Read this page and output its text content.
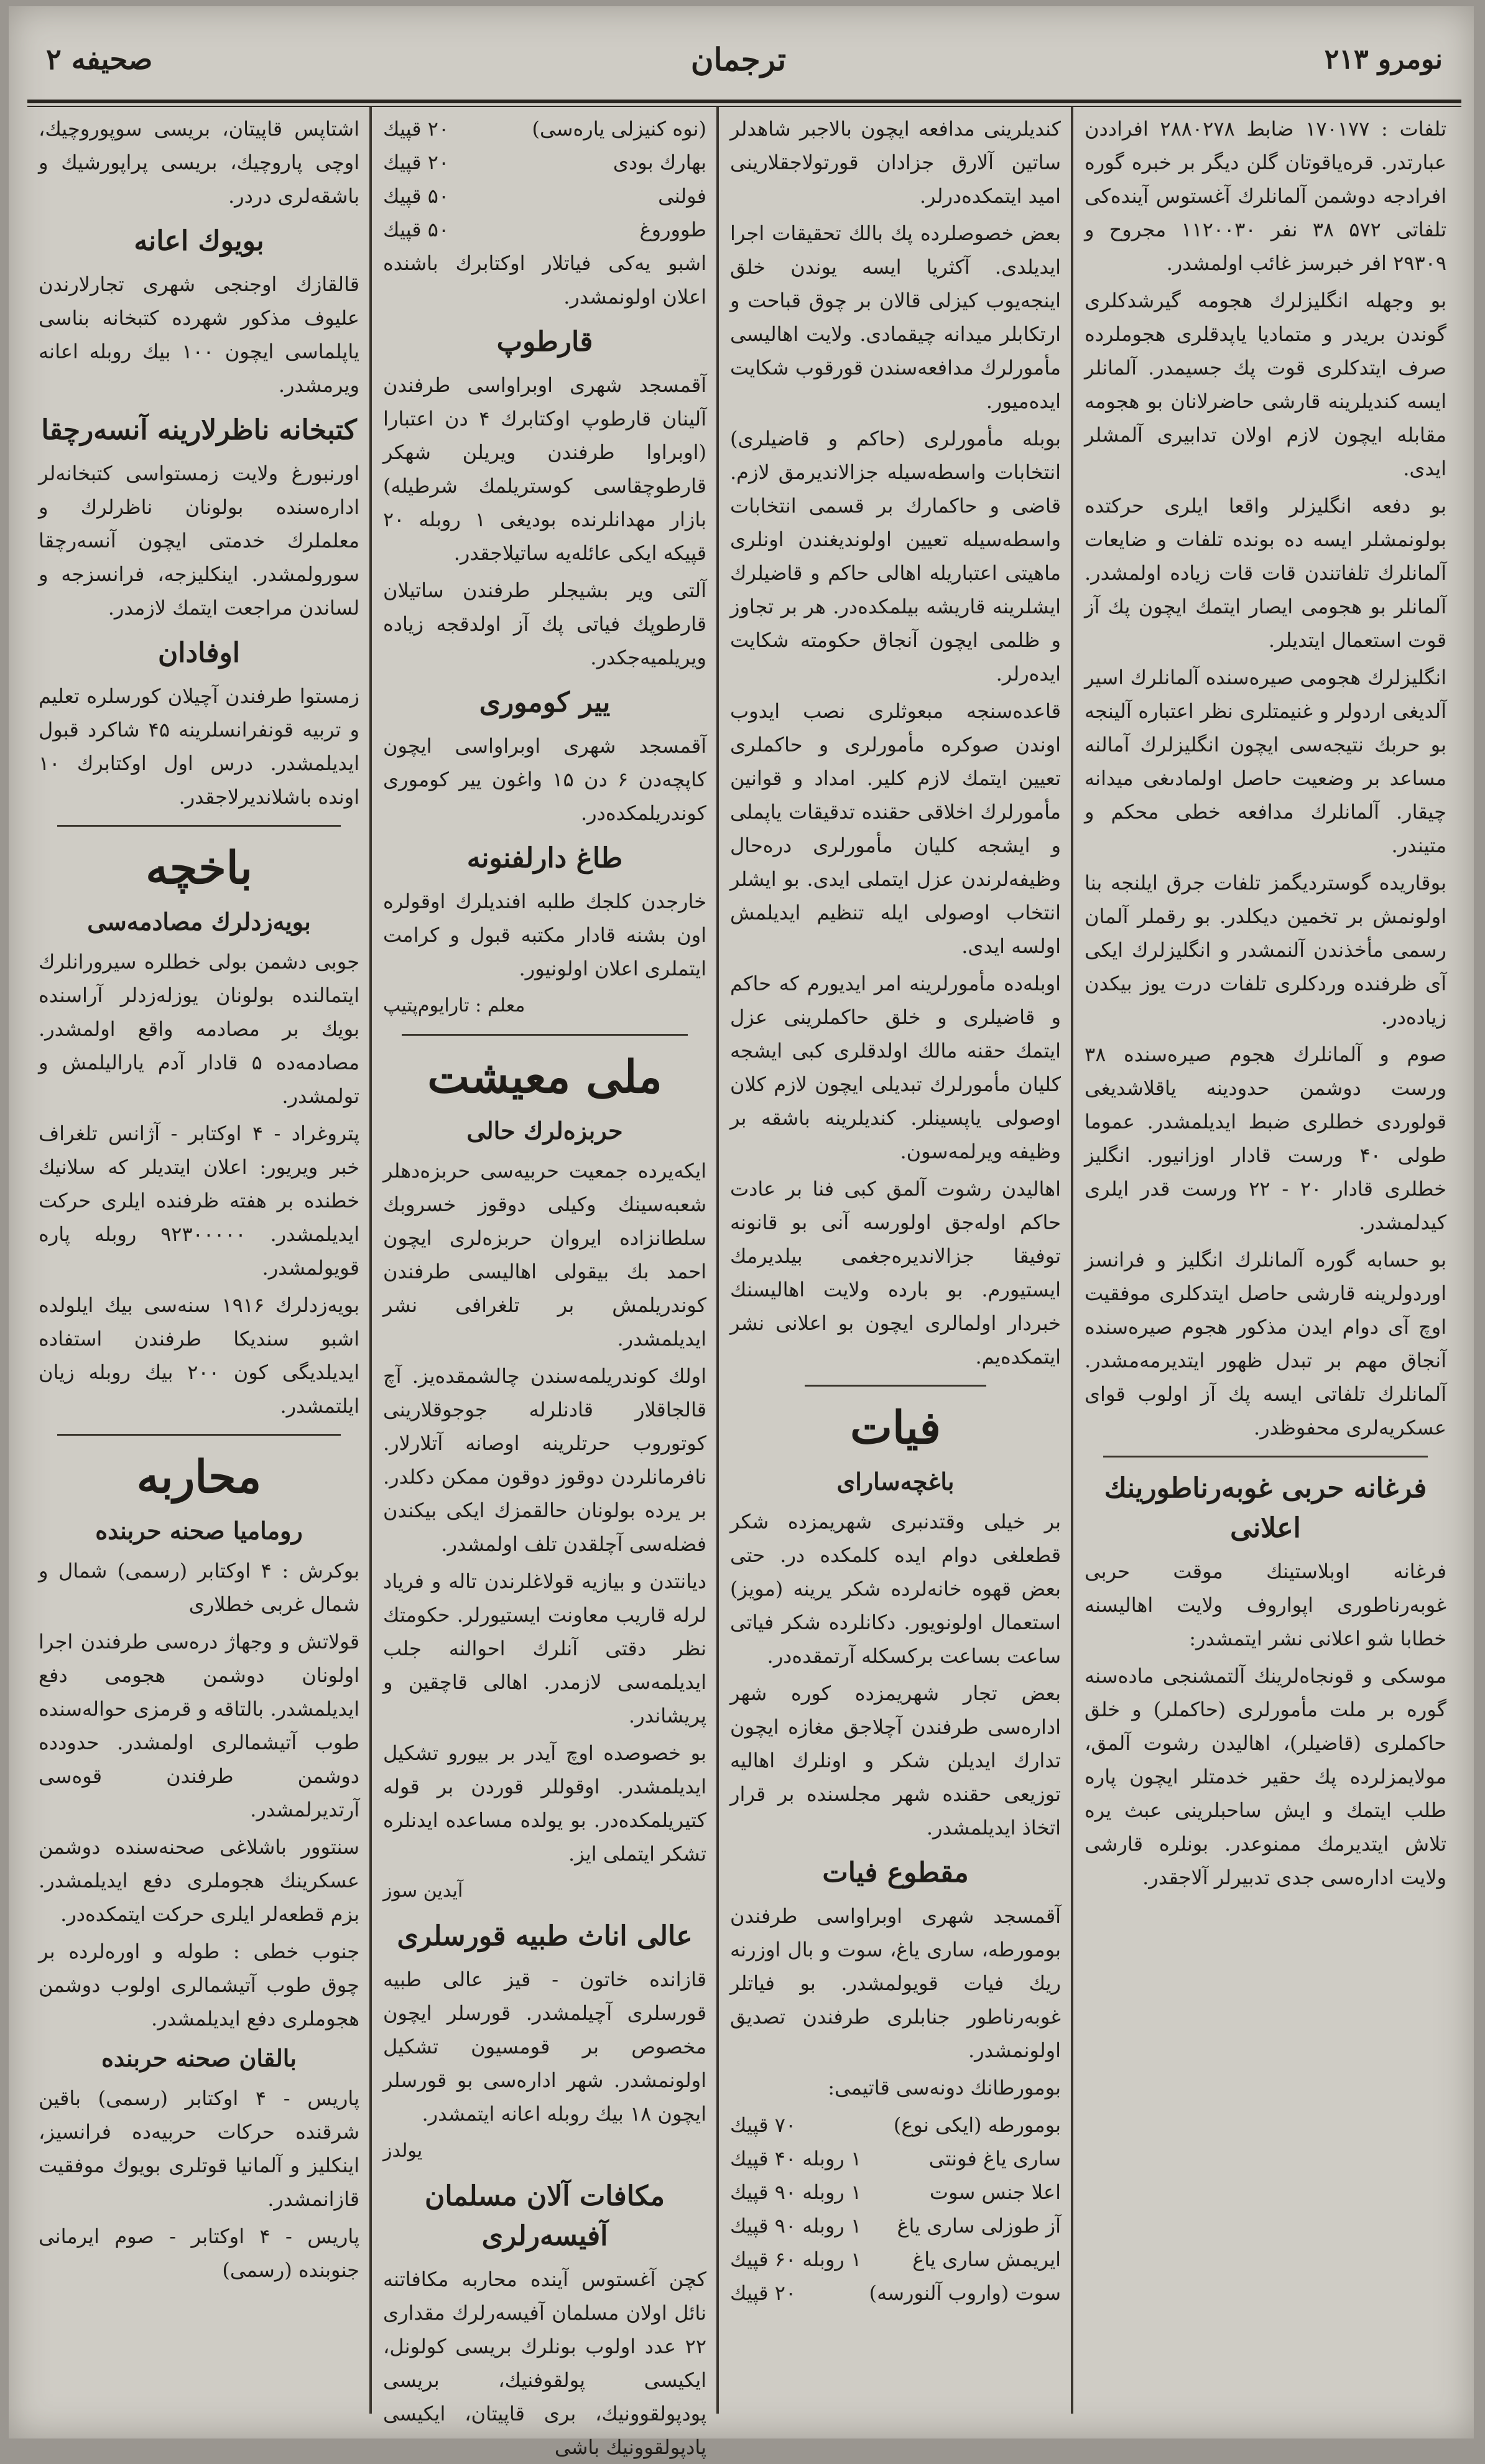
نومرو ۲۱۳
ترجمان
صحيفه ۲

تلفات : ۱۷۰۱۷۷ ضابط ۲۸۸۰۲۷۸ افراددن عبارتدر. قره‌ياقوتان گلن ديگر بر خبره گوره افرادجه دوشمن آلمانلرك آغستوس آينده‌كى تلفاتى ۵۷۲ ۳۸ نفر ۱۱۲۰۰۳۰ مجروح و ۲۹۳۰۹ افر خبرسز غائب اولمشدر.

بو وجهله انگليزلرك هجومه گيرشدكلرى گوندن بريدر و متماديا ياپدقلرى هجوملرده صرف ايتدكلرى قوت پك جسيمدر. آلمانلر ايسه كنديلرينه قارشى حاضرلانان بو هجومه مقابله ايچون لازم اولان تدابيرى آلمشلر ايدى.

بو دفعه انگليزلر واقعا ايلرى حركتده بولونمشلر ايسه ده بونده تلفات و ضايعات آلمانلرك تلفاتندن قات قات زياده اولمشدر. آلمانلر بو هجومى ايصار ايتمك ايچون پك آز قوت استعمال ايتديلر.

انگليزلرك هجومى صيره‌سنده آلمانلرك اسير آلديغى اردولر و غنيمتلرى نظر اعتباره آلينجه بو حربك نتيجه‌سى ايچون انگليزلرك آمالنه مساعد بر وضعيت حاصل اولمادىغى ميدانه چيقار. آلمانلرك مدافعه خطى محكم و متيندر.

بوقاريده گوسترديگمز تلفات جرق ايلنجه بنا اولونمش بر تخمين ديكلدر. بو رقملر آلمان رسمى مأخذندن آلنمشدر و انگليزلرك ايكى آى ظرفنده وردكلرى تلفات درت يوز بيكدن زياده‌در.

صوم و آلمانلرك هجوم صيره‌سنده ۳۸ ورست دوشمن حدودينه ياقلاشديغى قولوردى خطلرى ضبط ايديلمشدر. عموما طولى ۴۰ ورست قادار اوزانيور. انگليز خطلرى قادار ۲۰ - ۲۲ ورست قدر ايلرى كيدلمشدر.

بو حسابه گوره آلمانلرك انگليز و فرانسز اوردولرينه قارشى حاصل ايتدكلرى موفقيت اوچ آى دوام ايدن مذكور هجوم صيره‌سنده آنجاق مهم بر تبدل ظهور ايتديرمه‌مشدر. آلمانلرك تلفاتى ايسه پك آز اولوب قواى عسكريه‌لرى محفوظدر.

فرغانه حربى غوبه‌رناطورينك اعلانى

فرغانه اوبلاستينك موقت حربى غوبه‌رناطورى اپواروف ولايت اهاليسنه خطابا شو اعلانى نشر ايتمشدر:

موسكى و قونجاه‌لرينك آلتمشنجى ماده‌سنه گوره بر ملت مأمورلرى (حاكملر) و خلق حاكملرى (قاضيلر)، اهاليدن رشوت آلمق، مولايمزلرده پك حقير خدمتلر ايچون پاره طلب ايتمك و ايش ساحبلرينى عبث يره تلاش ايتديرمك ممنوعدر. بونلره قارشى ولايت اداره‌سى جدى تدبيرلر آلاجقدر.

كنديلرينى مدافعه ايچون بالاجبر شاهدلر ساتين آلارق جزادان قورتولاجقلارينى اميد ايتمكده‌درلر.

بعض خصوصلرده پك بالك تحقيقات اجرا ايديلدى. آكثريا ايسه يوندن خلق اينجه‌يوب كيزلى قالان بر چوق قباحت و ارتكابلر ميدانه چيقمادى. ولايت اهاليسى مأمورلرك مدافعه‌سندن قورقوب شكايت ايده‌ميور.

بوبله مأمورلرى (حاكم و قاضيلرى) انتخابات واسطه‌سيله جزالانديرمق لازم. قاضى و حاكمارك بر قسمى انتخابات واسطه‌سيله تعيين اولونديغندن اونلرى ماهيتى اعتباريله اهالى حاكم و قاضيلرك ايشلرينه قاريشه بيلمكده‌در. هر بر تجاوز و ظلمى ايچون آنجاق حكومته شكايت ايده‌رلر.

قاعده‌سنجه مبعوثلرى نصب ايدوب اوندن صوكره مأمورلرى و حاكملرى تعيين ايتمك لازم كلير. امداد و قوانين مأمورلرك اخلاقى حقنده تدقيقات ياپملى و ايشجه كليان مأمورلرى دره‌حال وظيفه‌لرندن عزل ايتملى ايدى. بو ايشلر انتخاب اوصولى ايله تنظيم ايديلمش اولسه ايدى.

اوبله‌ده مأمورلرينه امر ايديورم كه حاكم و قاضيلرى و خلق حاكملرينى عزل ايتمك حقنه مالك اولدقلرى كبى ايشجه كليان مأمورلرك تبديلى ايچون لازم كلان اوصولى ياپسينلر. كنديلرينه باشقه بر وظيفه ويرلمه‌سون.

اهاليدن رشوت آلمق كبى فنا بر عادت حاكم اوله‌جق اولورسه آنى بو قانونه توفيقا جزالانديره‌جغمى بيلديرمك ايستيورم. بو بارده ولايت اهاليسنك خبردار اولمالرى ايچون بو اعلانى نشر ايتمكده‌يم.

فيات
باغچه‌ساراى

بر خيلى وقتدنبرى شهريمزده شكر قطعلغى دوام ايده كلمكده در. حتى بعض قهوه خانه‌لرده شكر يرينه (مويز) استعمال اولونويور. دكانلرده شكر فياتى ساعت بساعت بركسكله آرتمقده‌در.

بعض تجار شهريمزده كوره شهر اداره‌سى طرفندن آچلاجق مغازه ايچون تدارك ايديلن شكر و اونلرك اهاليه توزيعى حقنده شهر مجلسنده بر قرار اتخاذ ايديلمشدر.

مقطوع فيات

آقمسجد شهرى اوبراواسى طرفندن بومورطه، سارى ياغ، سوت و بال اوزرنه ريك فيات قويولمشدر. بو فياتلر غوبه‌رناطور جنابلرى طرفندن تصديق اولونمشدر.

بومورطانك دونه‌سى قاتيمى:

بومورطه (ايكى نوع)
۷۰ قپيك
سارى ياغ فونتى
۱ روبله ۴۰ قپيك
اعلا جنس سوت
۱ روبله ۹۰ قپيك
آز طوزلى سارى ياغ
۱ روبله ۹۰ قپيك
ايريمش سارى ياغ
۱ روبله ۶۰ قپيك
سوت (واروب آلنورسه)
۲۰ قپيك
(نوه كنيزلى ياره‌سى)
۲۰ قپيك
بهارك بودى
۲۰ قپيك
فولنى
۵۰ قپيك
طووروغ
۵۰ قپيك

اشبو يه‌كى فياتلار اوكتابرك باشنده اعلان اولونمشدر.

قارطوپ

آقمسجد شهرى اوبراواسى طرفندن آلينان قارطوپ اوكتابرك ۴ دن اعتبارا (اوبراوا طرفندن ويريلن شهكر قارطوچقاسى كوستريلمك شرطيله) بازار مهدانلرنده بوديغى ۱ روبله ۲۰ قپيكه ايكى عائله‌يه ساتيلاجقدر.

آلتى وير بشيجلر طرفندن ساتيلان قارطوپك فياتى پك آز اولدقجه زياده ويريلميه‌جكدر.

يير كومورى

آقمسجد شهرى اوبراواسى ايچون كاپچه‌دن ۶ دن ۱۵ واغون يير كومورى كوندريلمكده‌در.

طاغ دارلفنونه

خارجدن كلجك طلبه افنديلرك اوقولره اون بشنه قادار مكتبه قبول و كرامت ايتملرى اعلان اولونيور.

معلم : تارايوم‌پتيپ

ملى معيشت
حربزه‌لرك حالى

ايكه‌يرده جمعيت حربيه‌سى حربزه‌دهلر شعبه‌سينك وكيلى دوقوز خسروبك سلطانزاده ايروان حربزه‌لرى ايچون احمد بك بيقولى اهاليسى طرفندن كوندريلمش بر تلغرافى نشر ايديلمشدر.

اولك كوندريلمه‌سندن چالشمقده‌يز. آچ قالجاقلار قادنلرله جوجوقلارينى كوتوروب حرتلرينه اوصانه آتلارلار. نافرمانلردن دوقوز دوقون ممكن دكلدر. بر يرده بولونان حالقمزك ايكى بيكندن فضله‌سى آچلقدن تلف اولمشدر.

ديانتدن و بيازيه قولاغلرندن تاله و فرياد لرله قاريب معاونت ايستيورلر. حكومتك نظر دقتى آنلرك احوالنه جلب ايديلمه‌سى لازمدر. اهالى قاچقين و پريشاندر.

بو خصوصده اوچ آيدر بر بيورو تشكيل ايديلمشدر. اوقوللر قوردن بر قوله كتيريلمكده‌در. بو يولده مساعده ايدنلره تشكر ايتملى ايز.

آيدين سوز

عالى اناث طبيه قورسلرى

قازانده خاتون - قيز عالى طبيه قورسلرى آچيلمشدر. قورسلر ايچون مخصوص بر قومسيون تشكيل اولونمشدر. شهر اداره‌سى بو قورسلر ايچون ۱۸ بيك روبله اعانه ايتمشدر.

يولدز

مكافات آلان مسلمان آفيسه‌رلرى

كچن آغستوس آينده محاربه مكافاتنه نائل اولان مسلمان آفيسه‌رلرك مقدارى ۲۲ عدد اولوب بونلرك بريسى كولونل، ايكيسى پولقوفنيك، بريسى پودپولقوونيك، برى قاپيتان، ايكيسى پادپولقوونيك باشى

اشتاپس قاپيتان، بريسى سوپوروچيك، اوچى پاروچيك، بريسى پراپورشيك و باشقه‌لرى دردر.

بويوك اعانه

قالقازك اوجنجى شهرى تجارلارندن عليوف مذكور شهرده كتبخانه بناسى ياپلماسى ايچون ۱۰۰ بيك روبله اعانه ويرمشدر.

كتبخانه ناظرلارينه آنسه‌رچقا

اورنبورغ ولايت زمستواسى كتبخانه‌لر اداره‌سنده بولونان ناظرلرك و معلملرك خدمتى ايچون آنسه‌رچقا سورولمشدر. اينكليزجه، فرانسزجه و لساندن مراجعت ايتمك لازمدر.

اوفادان

زمستوا طرفندن آچيلان كورسلره تعليم و تربيه قونفرانسلرينه ۴۵ شاكرد قبول ايديلمشدر. درس اول اوكتابرك ۱۰ اونده باشلانديرلاجقدر.

باخچه
بويه‌زدلرك مصادمه‌سى

جوبى دشمن بولى خطلره سيرورانلرك ايتمالنده بولونان يوزله‌زدلر آراسنده بويك بر مصادمه واقع اولمشدر. مصادمه‌ده ۵ قادار آدم ياراليلمش و تولمشدر.

پتروغراد - ۴ اوكتابر - آژانس تلغراف خبر ويريور: اعلان ايتديلر كه سلانيك خطنده بر هفته ظرفنده ايلرى حركت ايديلمشدر. ۹۲۳۰۰۰۰۰ روبله پاره قويولمشدر.

بويه‌زدلرك ۱۹۱۶ سنه‌سى بيك ايلولده اشبو سنديكا طرفندن استفاده ايديلديگى كون ۲۰۰ بيك روبله زيان ايلتمشدر.

محاربه
روماميا صحنه حربنده

بوكرش : ۴ اوكتابر (رسمى) شمال و شمال غربى خطلارى

قولاتش و وجهاژ دره‌سى طرفندن اجرا اولونان دوشمن هجومى دفع ايديلمشدر. بالتاقه و قرمزى حواله‌سنده طوب آتيشمالرى اولمشدر. حدودده دوشمن طرفندن قوه‌سى آرتديرلمشدر.

سنتوور باشلاغى صحنه‌سنده دوشمن عسكرينك هجوملرى دفع ايديلمشدر. بزم قطعه‌لر ايلرى حركت ايتمكده‌در.

جنوب خطى : طوله و اوره‌لرده بر چوق طوب آتيشمالرى اولوب دوشمن هجوملرى دفع ايديلمشدر.

بالقان صحنه حربنده

پاريس - ۴ اوكتابر (رسمى) باقين شرقنده حركات حربيه‌ده فرانسيز، اينكليز و آلمانيا قوتلرى بويوك موفقيت قازانمشدر.

پاريس - ۴ اوكتابر - صوم ايرمانى جنوبنده (رسمى)
